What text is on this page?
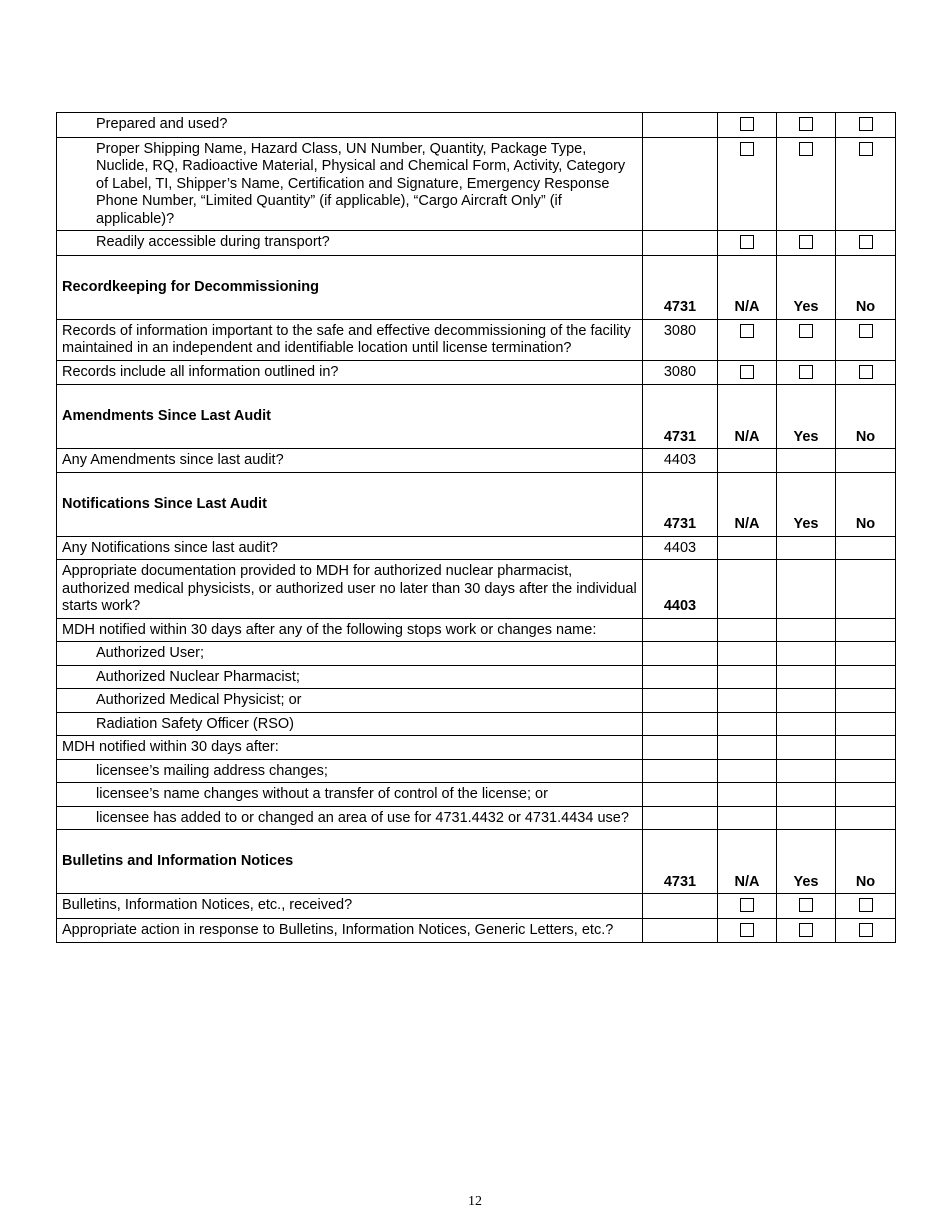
Prepared and used?				
Proper Shipping Name, Hazard Class, UN Number, Quantity, Package Type, Nuclide, RQ, Radioactive Material, Physical and Chemical Form, Activity, Category of Label, TI, Shipper’s Name, Certification and Signature, Emergency Response Phone Number, “Limited Quantity” (if applicable), “Cargo Aircraft Only” (if applicable)?				
Readily accessible during transport?				
Recordkeeping for Decommissioning	4731	N/A	Yes	No
Records of information important to the safe and effective decommissioning of the facility maintained in an independent and identifiable location until license termination?	3080			
Records include all information outlined in?	3080			
Amendments Since Last Audit	4731	N/A	Yes	No
Any Amendments since last audit?	4403			
Notifications Since Last Audit	4731	N/A	Yes	No
Any Notifications since last audit?	4403			
Appropriate documentation provided to MDH for authorized nuclear pharmacist, authorized medical physicists, or authorized user no later than 30 days after the individual starts work?	4403			
MDH notified within 30 days after any of the following stops work or changes name:				
Authorized User;				
Authorized Nuclear Pharmacist;				
Authorized Medical Physicist; or				
Radiation Safety Officer (RSO)				
MDH notified within 30 days after:				
licensee’s mailing address changes;				
licensee’s name changes without a transfer of control of the license; or				
licensee has added to or changed an area of use for 4731.4432 or 4731.4434 use?				
Bulletins and Information Notices	4731	N/A	Yes	No
Bulletins, Information Notices, etc., received?				
Appropriate action in response to Bulletins, Information Notices, Generic Letters, etc.?				
12
